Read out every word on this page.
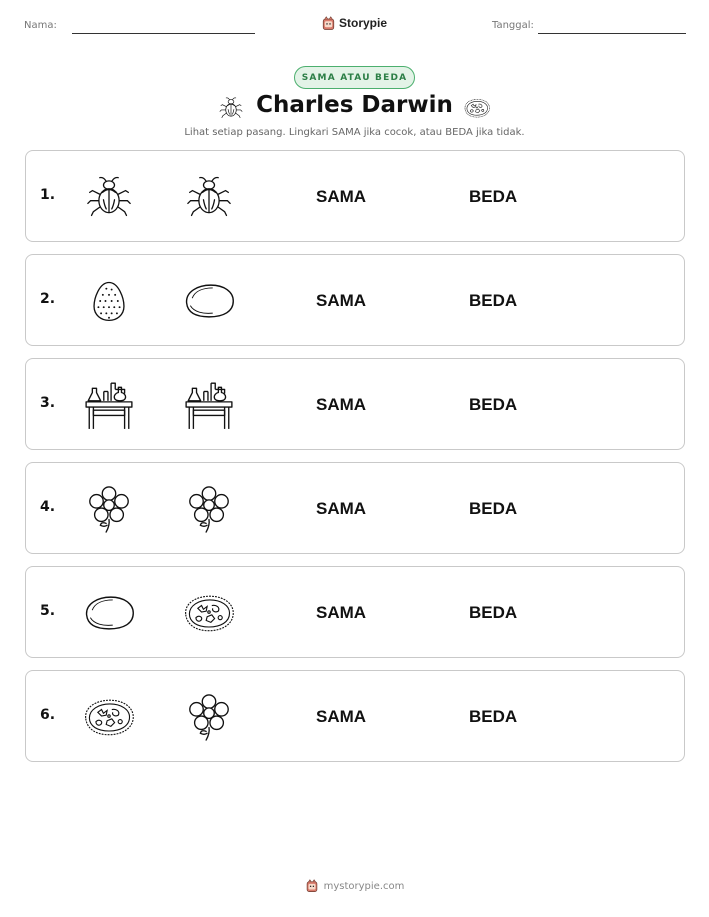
Nama:	Storypie	Tanggal:
SAMA ATAU BEDA
Charles Darwin
Lihat setiap pasang. Lingkari SAMA jika cocok, atau BEDA jika tidak.
1.	SAMA	BEDA
2.	SAMA	BEDA
3.	SAMA	BEDA
4.	SAMA	BEDA
5.	SAMA	BEDA
6.	SAMA	BEDA
mystorypie.com
